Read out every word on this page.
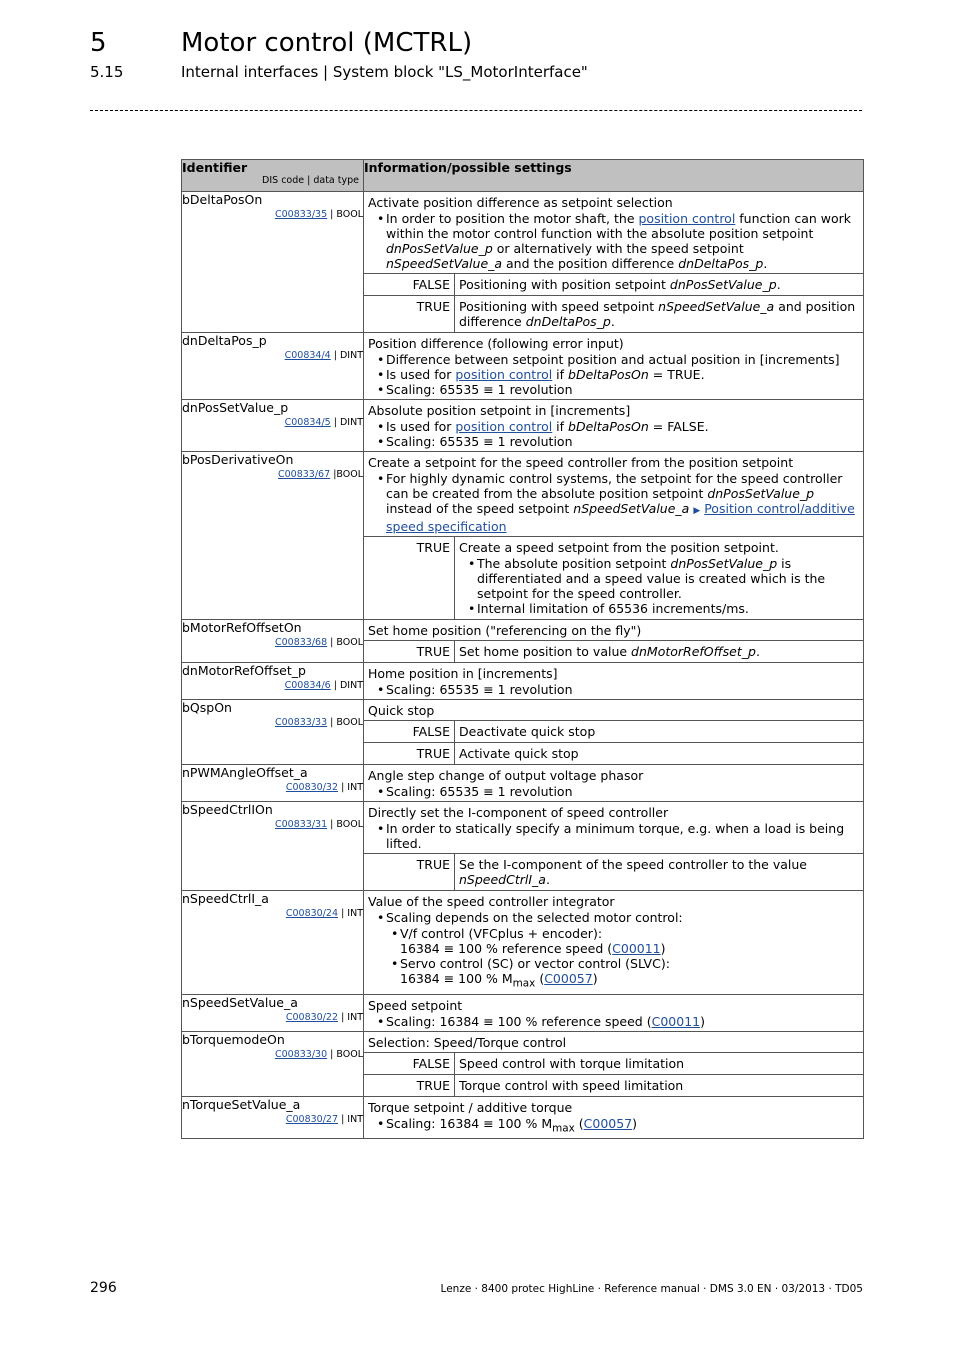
5	Motor control (MCTRL)
5.15	Internal interfaces | System block "LS_MotorInterface"
Identifier
DIS code | data type
	Information/possible settings

bDeltaPosOn
C00833/35 | BOOL

Activate position difference as setpoint selection
• In order to position the motor shaft, the position control function can work within the motor control function with the absolute position setpoint dnPosSetValue_p or alternatively with the speed setpoint nSpeedSetValue_a and the position difference dnDeltaPos_p.
FALSE	Positioning with position setpoint dnPosSetValue_p.
TRUE	Positioning with speed setpoint nSpeedSetValue_a and position difference dnDeltaPos_p.

dnDeltaPos_p
C00834/4 | DINT

Position difference (following error input)
• Difference between setpoint position and actual position in [increments]
• Is used for position control if bDeltaPosOn = TRUE.
• Scaling: 65535 ≡ 1 revolution

dnPosSetValue_p
C00834/5 | DINT

Absolute position setpoint in [increments]
• Is used for position control if bDeltaPosOn = FALSE.
• Scaling: 65535 ≡ 1 revolution

bPosDerivativeOn
C00833/67 |BOOL

Create a setpoint for the speed controller from the position setpoint
• For highly dynamic control systems, the setpoint for the speed controller can be created from the absolute position setpoint dnPosSetValue_p instead of the speed setpoint nSpeedSetValue_a ▶ Position control/additive speed specification
TRUE	Create a speed setpoint from the position setpoint.
• The absolute position setpoint dnPosSetValue_p is differentiated and a speed value is created which is the setpoint for the speed controller.
• Internal limitation of 65536 increments/ms.

bMotorRefOffsetOn
C00833/68 | BOOL

Set home position ("referencing on the fly")
TRUE	Set home position to value dnMotorRefOffset_p.

dnMotorRefOffset_p
C00834/6 | DINT

Home position in [increments]
• Scaling: 65535 ≡ 1 revolution

bQspOn
C00833/33 | BOOL

Quick stop
FALSE	Deactivate quick stop
TRUE	Activate quick stop

nPWMAngleOffset_a
C00830/32 | INT

Angle step change of output voltage phasor
• Scaling: 65535 ≡ 1 revolution

bSpeedCtrlIOn
C00833/31 | BOOL

Directly set the I-component of speed controller
• In order to statically specify a minimum torque, e.g. when a load is being lifted.
TRUE	Se the I-component of the speed controller to the value nSpeedCtrlI_a.

nSpeedCtrlI_a
C00830/24 | INT

Value of the speed controller integrator
• Scaling depends on the selected motor control:
• V/f control (VFCplus + encoder):
16384 ≡ 100 % reference speed (C00011)
• Servo control (SC) or vector control (SLVC):
16384 ≡ 100 % $M_{max}$ (C00057)

nSpeedSetValue_a
C00830/22 | INT

Speed setpoint
• Scaling: 16384 ≡ 100 % reference speed (C00011)

bTorquemodeOn
C00833/30 | BOOL

Selection: Speed/Torque control
FALSE	Speed control with torque limitation
TRUE	Torque control with speed limitation

nTorqueSetValue_a
C00830/27 | INT

Torque setpoint / additive torque
• Scaling: 16384 ≡ 100 % $M_{max}$ (C00057)
296	Lenze · 8400 protec HighLine · Reference manual · DMS 3.0 EN · 03/2013 · TD05
